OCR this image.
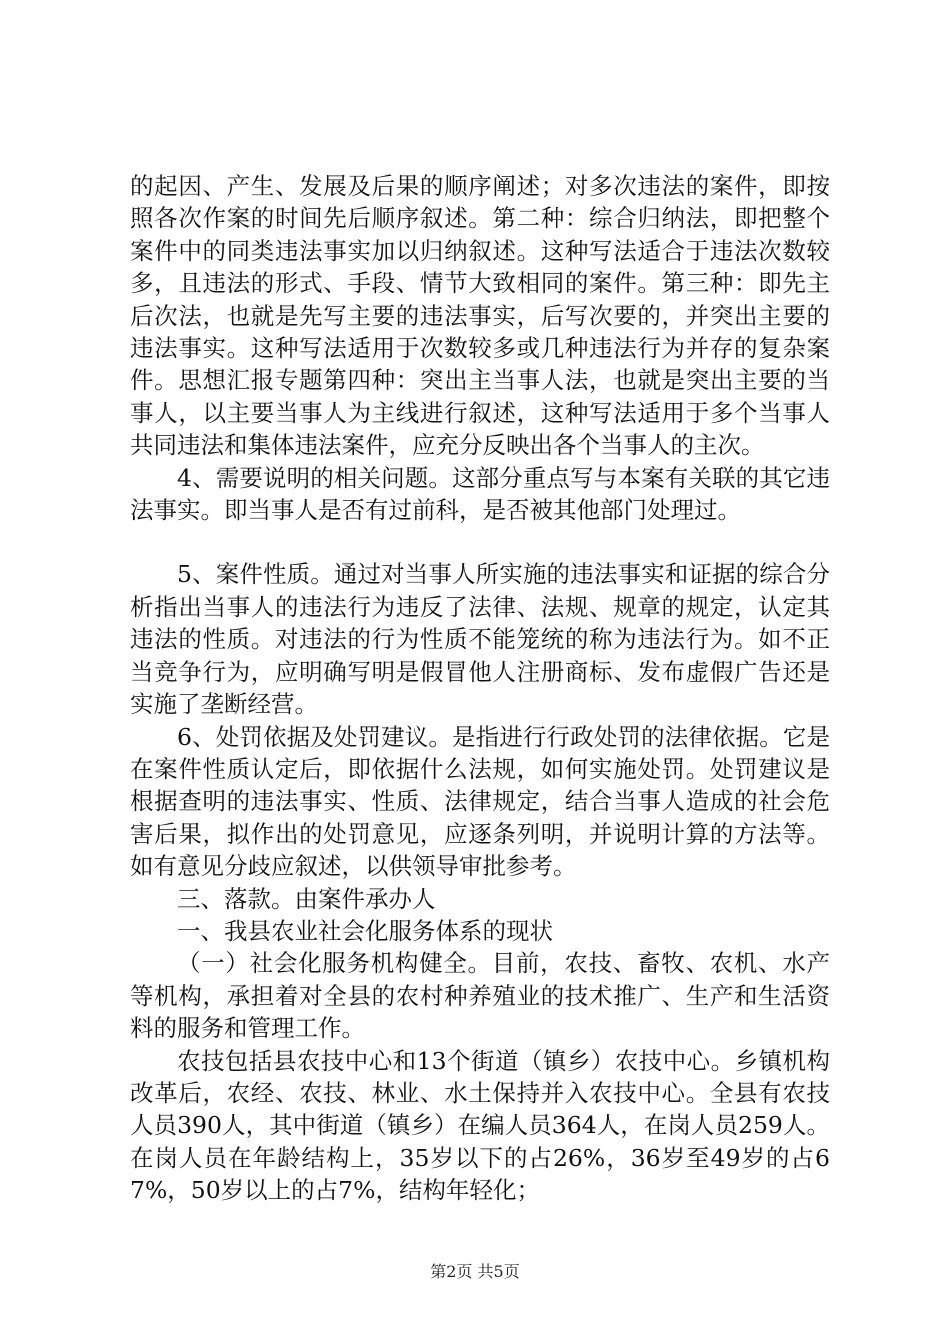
的起因、产生、发展及后果的顺序阐述；对多次违法的案件，即按照各次作案的时间先后顺序叙述。第二种：综合归纳法，即把整个案件中的同类违法事实加以归纳叙述。这种写法适合于违法次数较多，且违法的形式、手段、情节大致相同的案件。第三种：即先主后次法，也就是先写主要的违法事实，后写次要的，并突出主要的违法事实。这种写法适用于次数较多或几种违法行为并存的复杂案件。思想汇报专题第四种：突出主当事人法，也就是突出主要的当事人，以主要当事人为主线进行叙述，这种写法适用于多个当事人共同违法和集体违法案件，应充分反映出各个当事人的主次。

4、需要说明的相关问题。这部分重点写与本案有关联的其它违法事实。即当事人是否有过前科，是否被其他部门处理过。

5、案件性质。通过对当事人所实施的违法事实和证据的综合分析指出当事人的违法行为违反了法律、法规、规章的规定，认定其违法的性质。对违法的行为性质不能笼统的称为违法行为。如不正当竞争行为，应明确写明是假冒他人注册商标、发布虚假广告还是实施了垄断经营。

6、处罚依据及处罚建议。是指进行行政处罚的法律依据。它是在案件性质认定后，即依据什么法规，如何实施处罚。处罚建议是根据查明的违法事实、性质、法律规定，结合当事人造成的社会危害后果，拟作出的处罚意见，应逐条列明，并说明计算的方法等。如有意见分歧应叙述，以供领导审批参考。

三、落款。由案件承办人

一、我县农业社会化服务体系的现状

（一）社会化服务机构健全。目前，农技、畜牧、农机、水产等机构，承担着对全县的农村种养殖业的技术推广、生产和生活资料的服务和管理工作。

农技包括县农技中心和13个街道（镇乡）农技中心。乡镇机构改革后，农经、农技、林业、水土保持并入农技中心。全县有农技人员390人，其中街道（镇乡）在编人员364人，在岗人员259人。在岗人员在年龄结构上，35岁以下的占26%，36岁至49岁的占67%，50岁以上的占7%，结构年轻化；

第2页 共5页
